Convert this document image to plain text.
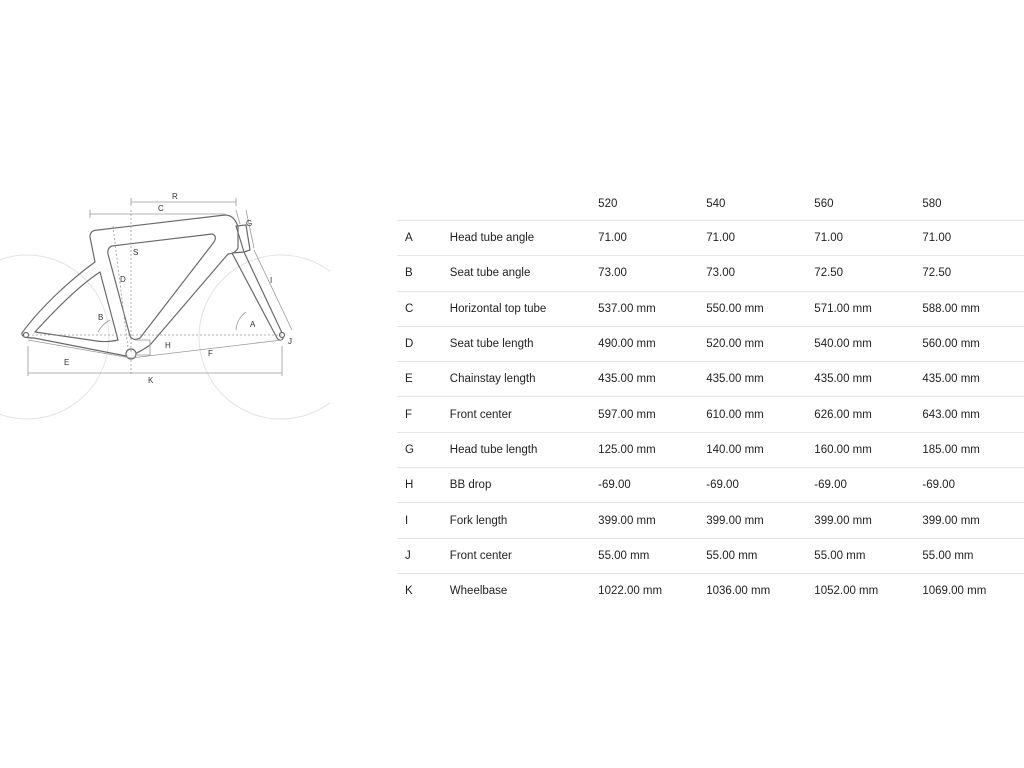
R
C
G
S
D	I
B
A
H	J
E
F
K
		520	540	560	580
A	Head tube angle	71.00	71.00	71.00	71.00
B	Seat tube angle	73.00	73.00	72.50	72.50
C	Horizontal top tube	537.00 mm	550.00 mm	571.00 mm	588.00 mm
D	Seat tube length	490.00 mm	520.00 mm	540.00 mm	560.00 mm
E	Chainstay length	435.00 mm	435.00 mm	435.00 mm	435.00 mm
F	Front center	597.00 mm	610.00 mm	626.00 mm	643.00 mm
G	Head tube length	125.00 mm	140.00 mm	160.00 mm	185.00 mm
H	BB drop	-69.00	-69.00	-69.00	-69.00
I	Fork length	399.00 mm	399.00 mm	399.00 mm	399.00 mm
J	Front center	55.00 mm	55.00 mm	55.00 mm	55.00 mm
K	Wheelbase	1022.00 mm	1036.00 mm	1052.00 mm	1069.00 mm
